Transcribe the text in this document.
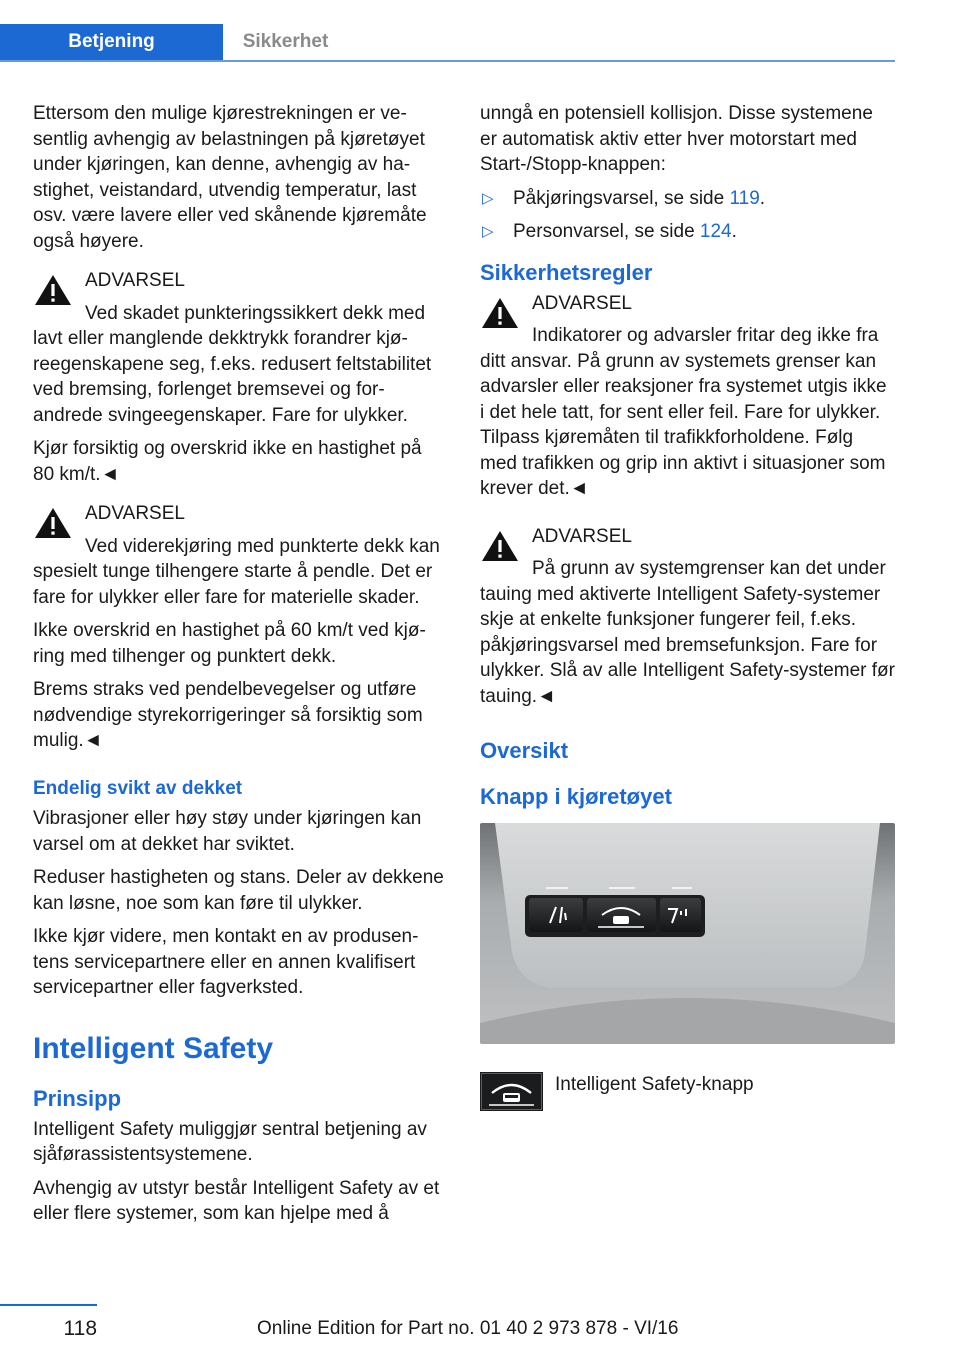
Betjening	Sikkerhet

Ettersom den mulige kjørestrekningen er vesentlig avhengig av belastningen på kjøretøyet under kjøringen, kan denne, avhengig av hastighet, veistandard, utvendig temperatur, last osv. være lavere eller ved skånende kjøremåte også høyere.

ADVARSEL

Ved skadet punkteringssikkert dekk med lavt eller manglende dekktrykk forandrer kjøreegenskapene seg, f.eks. redusert feltstabilitet ved bremsing, forlenget bremsevei og forandrede svingeegenskaper. Fare for ulykker.

Kjør forsiktig og overskrid ikke en hastighet på 80 km/t.◄

ADVARSEL

Ved viderekjøring med punkterte dekk kan spesielt tunge tilhengere starte å pendle. Det er fare for ulykker eller fare for materielle skader.

Ikke overskrid en hastighet på 60 km/t ved kjøring med tilhenger og punktert dekk.

Brems straks ved pendelbevegelser og utføre nødvendige styrekorrigeringer så forsiktig som mulig.◄

Endelig svikt av dekket

Vibrasjoner eller høy støy under kjøringen kan varsel om at dekket har sviktet.

Reduser hastigheten og stans. Deler av dekkene kan løsne, noe som kan føre til ulykker.

Ikke kjør videre, men kontakt en av produsentens servicepartnere eller en annen kvalifisert servicepartner eller fagverksted.

Intelligent Safety
Prinsipp

Intelligent Safety muliggjør sentral betjening av sjåførassistentsystemene.

Avhengig av utstyr består Intelligent Safety av et eller flere systemer, som kan hjelpe med å

unngå en potensiell kollisjon. Disse systemene er automatisk aktiv etter hver motorstart med Start-/Stopp-knappen:

▷ Påkjøringsvarsel, se side 119.
▷ Personvarsel, se side 124.
Sikkerhetsregler
ADVARSEL

Indikatorer og advarsler fritar deg ikke fra ditt ansvar. På grunn av systemets grenser kan advarsler eller reaksjoner fra systemet utgis ikke i det hele tatt, for sent eller feil. Fare for ulykker. Tilpass kjøremåten til trafikkforholdene. Følg med trafikken og grip inn aktivt i situasjoner som krever det.◄

ADVARSEL

På grunn av systemgrenser kan det under tauing med aktiverte Intelligent Safety-systemer skje at enkelte funksjoner fungerer feil, f.eks. påkjøringsvarsel med bremsefunksjon. Fare for ulykker. Slå av alle Intelligent Safety-systemer før tauing.◄

Oversikt
Knapp i kjøretøyet
Intelligent Safety-knapp
118	Online Edition for Part no. 01 40 2 973 878 - VI/16
